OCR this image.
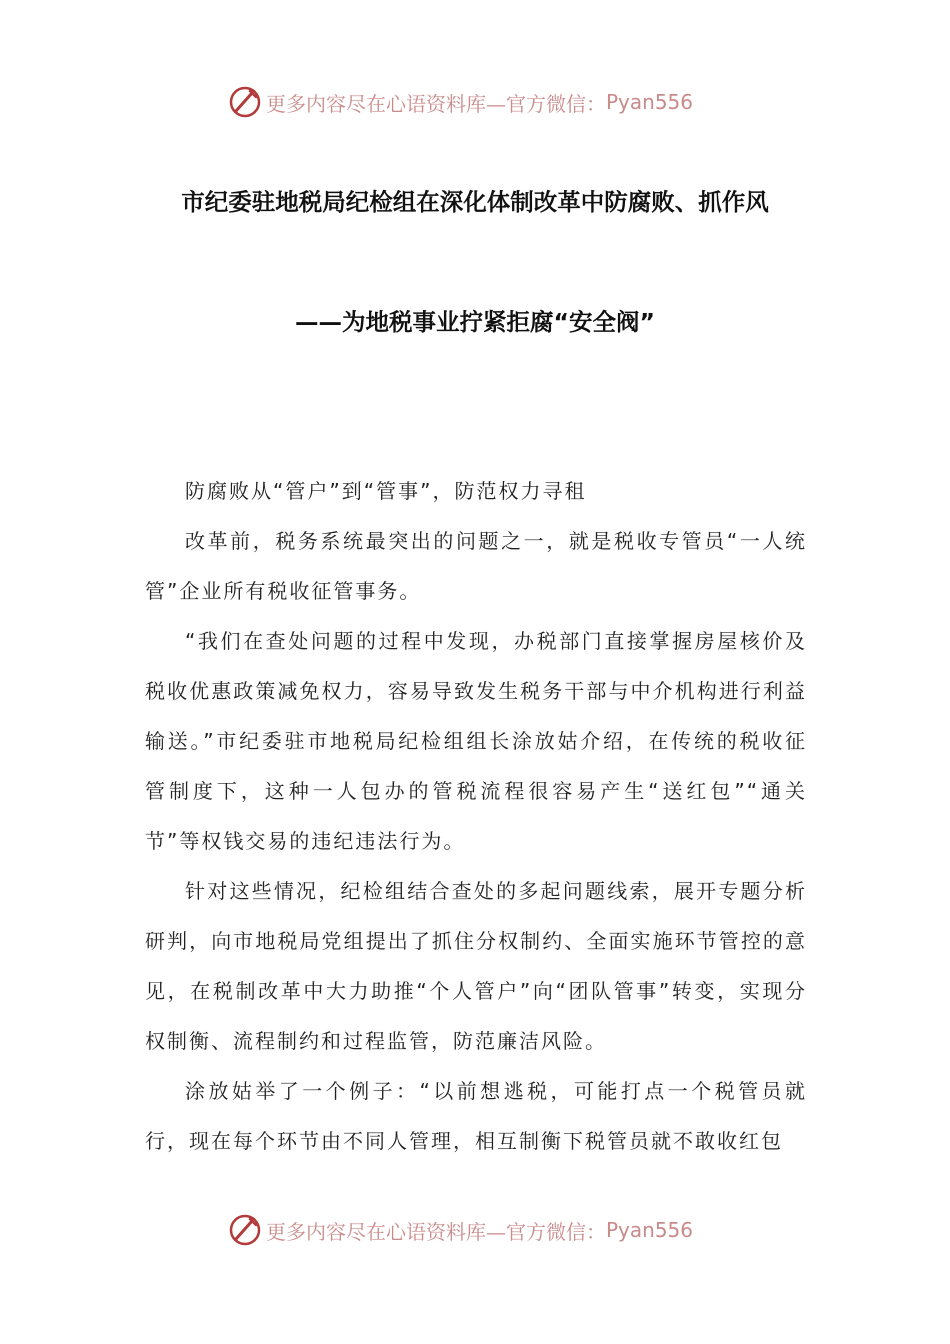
更多内容尽在心语资料库—官方微信： Pyan556
市纪委驻地税局纪检组在深化体制改革中防腐败、抓作风
——为地税事业拧紧拒腐“安全阀”

防腐败从“管户”到“管事”，防范权力寻租

改革前，税务系统最突出的问题之一，就是税收专管员“一人统管”企业所有税收征管事务。

“我们在查处问题的过程中发现，办税部门直接掌握房屋核价及税收优惠政策减免权力，容易导致发生税务干部与中介机构进行利益输送。”市纪委驻市地税局纪检组组长涂放姑介绍，在传统的税收征管制度下，这种一人包办的管税流程很容易产生“送红包”“通关节”等权钱交易的违纪违法行为。

针对这些情况，纪检组结合查处的多起问题线索，展开专题分析研判，向市地税局党组提出了抓住分权制约、全面实施环节管控的意见，在税制改革中大力助推“个人管户”向“团队管事”转变，实现分权制衡、流程制约和过程监管，防范廉洁风险。

涂放姑举了一个例子：“以前想逃税，可能打点一个税管员就行，现在每个环节由不同人管理，相互制衡下税管员就不敢收红包

更多内容尽在心语资料库—官方微信： Pyan556
